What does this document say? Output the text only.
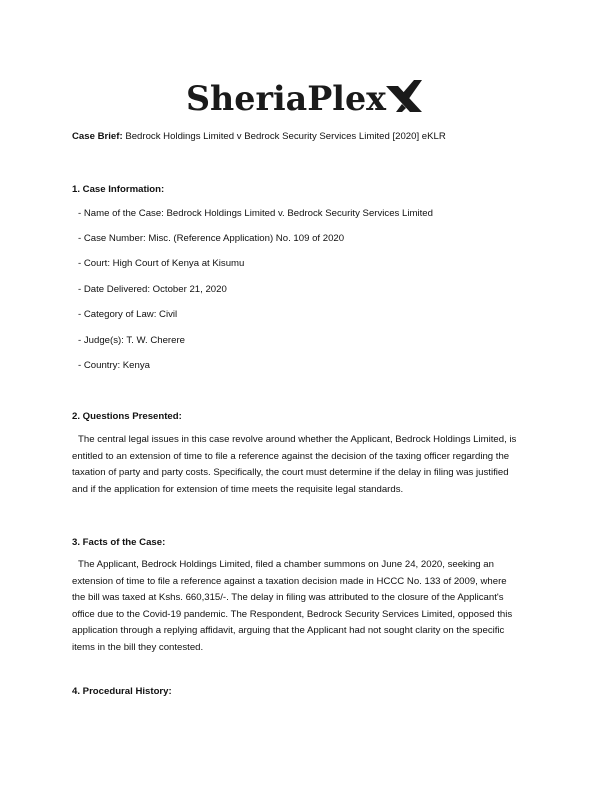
SheriaPlex
Case Brief: Bedrock Holdings Limited v Bedrock Security Services Limited [2020] eKLR
1. Case Information:
- Name of the Case: Bedrock Holdings Limited v. Bedrock Security Services Limited
- Case Number: Misc. (Reference Application) No. 109 of 2020
- Court: High Court of Kenya at Kisumu
- Date Delivered: October 21, 2020
- Category of Law: Civil
- Judge(s): T. W. Cherere
- Country: Kenya
2. Questions Presented:
The central legal issues in this case revolve around whether the Applicant, Bedrock Holdings Limited, is
entitled to an extension of time to file a reference against the decision of the taxing officer regarding the
taxation of party and party costs. Specifically, the court must determine if the delay in filing was justified
and if the application for extension of time meets the requisite legal standards.
3. Facts of the Case:
The Applicant, Bedrock Holdings Limited, filed a chamber summons on June 24, 2020, seeking an
extension of time to file a reference against a taxation decision made in HCCC No. 133 of 2009, where
the bill was taxed at Kshs. 660,315/-. The delay in filing was attributed to the closure of the Applicant's
office due to the Covid-19 pandemic. The Respondent, Bedrock Security Services Limited, opposed this
application through a replying affidavit, arguing that the Applicant had not sought clarity on the specific
items in the bill they contested.
4. Procedural History:
